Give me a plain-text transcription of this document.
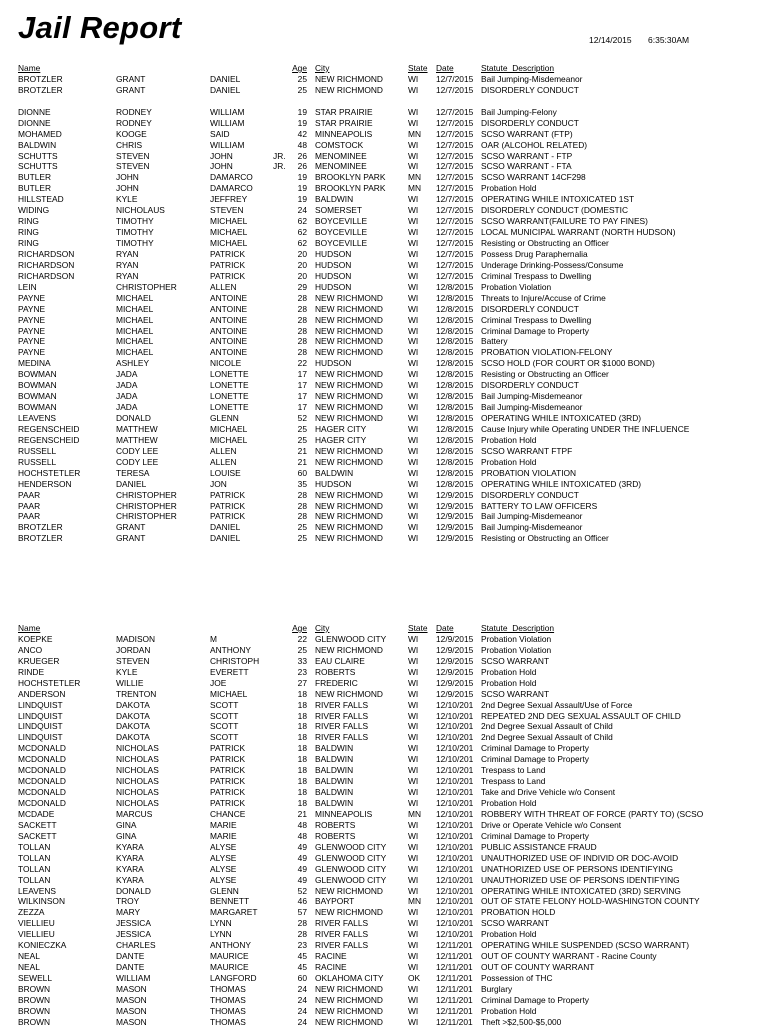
Jail Report	12/14/2015 6:35:30AM
Name	Age City	State Date	Statute_Description
BROTZLER	GRANT	DANIEL	25 NEW RICHMOND	WI 12/7/2015 Bail Jumping-Misdemeanor
BROTZLER	GRANT	DANIEL	25 NEW RICHMOND	WI 12/7/2015 DISORDERLY CONDUCT
DIONNE	RODNEY	WILLIAM	19 STAR PRAIRIE	WI 12/7/2015 Bail Jumping-Felony
DIONNE	RODNEY	WILLIAM	19 STAR PRAIRIE	WI 12/7/2015 DISORDERLY CONDUCT
MOHAMED	KOOGE	SAID	42 MINNEAPOLIS	MN 12/7/2015 SCSO WARRANT (FTP)
BALDWIN	CHRIS	WILLIAM	48 COMSTOCK	WI 12/7/2015 OAR (ALCOHOL RELATED)
SCHUTTS	STEVEN	JOHN	JR.	26 MENOMINEE	WI 12/7/2015 SCSO WARRANT - FTP
SCHUTTS	STEVEN	JOHN	JR.	26 MENOMINEE	WI 12/7/2015 SCSO WARRANT - FTA
BUTLER	JOHN	DAMARCO	19 BROOKLYN PARK	MN 12/7/2015 SCSO WARRANT 14CF298
BUTLER	JOHN	DAMARCO	19 BROOKLYN PARK	MN 12/7/2015 Probation Hold
HILLSTEAD	KYLE	JEFFREY	19 BALDWIN	WI 12/7/2015 OPERATING WHILE INTOXICATED 1ST
WIDING	NICHOLAUS	STEVEN	24 SOMERSET	WI 12/7/2015 DISORDERLY CONDUCT (DOMESTIC
RING	TIMOTHY	MICHAEL	62 BOYCEVILLE	WI 12/7/2015 SCSO WARRANT(FAILURE TO PAY FINES)
RING	TIMOTHY	MICHAEL	62 BOYCEVILLE	WI 12/7/2015 LOCAL MUNICIPAL WARRANT (NORTH HUDSON)
RING	TIMOTHY	MICHAEL	62 BOYCEVILLE	WI 12/7/2015 Resisting or Obstructing an Officer
RICHARDSON	RYAN	PATRICK	20 HUDSON	WI 12/7/2015 Possess Drug Paraphernalia
RICHARDSON	RYAN	PATRICK	20 HUDSON	WI 12/7/2015 Underage Drinking-Possess/Consume
RICHARDSON	RYAN	PATRICK	20 HUDSON	WI 12/7/2015 Criminal Trespass to Dwelling
LEIN	CHRISTOPHER	ALLEN	29 HUDSON	WI 12/8/2015 Probation Violation
PAYNE	MICHAEL	ANTOINE	28 NEW RICHMOND	WI 12/8/2015 Threats to Injure/Accuse of Crime
PAYNE	MICHAEL	ANTOINE	28 NEW RICHMOND	WI 12/8/2015 DISORDERLY CONDUCT
PAYNE	MICHAEL	ANTOINE	28 NEW RICHMOND	WI 12/8/2015 Criminal Trespass to Dwelling
PAYNE	MICHAEL	ANTOINE	28 NEW RICHMOND	WI 12/8/2015 Criminal Damage to Property
PAYNE	MICHAEL	ANTOINE	28 NEW RICHMOND	WI 12/8/2015 Battery
PAYNE	MICHAEL	ANTOINE	28 NEW RICHMOND	WI 12/8/2015 PROBATION VIOLATION-FELONY
MEDINA	ASHLEY	NICOLE	22 HUDSON	WI 12/8/2015 SCSO HOLD (FOR COURT OR $1000 BOND)
BOWMAN	JADA	LONETTE	17 NEW RICHMOND	WI 12/8/2015 Resisting or Obstructing an Officer
BOWMAN	JADA	LONETTE	17 NEW RICHMOND	WI 12/8/2015 DISORDERLY CONDUCT
BOWMAN	JADA	LONETTE	17 NEW RICHMOND	WI 12/8/2015 Bail Jumping-Misdemeanor
BOWMAN	JADA	LONETTE	17 NEW RICHMOND	WI 12/8/2015 Bail Jumping-Misdemeanor
LEAVENS	DONALD	GLENN	52 NEW RICHMOND	WI 12/8/2015 OPERATING WHILE INTOXICATED (3RD)
REGENSCHEID	MATTHEW	MICHAEL	25 HAGER CITY	WI 12/8/2015 Cause Injury while Operating UNDER THE INFLUENCE
REGENSCHEID	MATTHEW	MICHAEL	25 HAGER CITY	WI 12/8/2015 Probation Hold
RUSSELL	CODY LEE	ALLEN	21 NEW RICHMOND	WI 12/8/2015 SCSO WARRANT FTPF
RUSSELL	CODY LEE	ALLEN	21 NEW RICHMOND	WI 12/8/2015 Probation Hold
HOCHSTETLER	TERESA	LOUISE	60 BALDWIN	WI 12/8/2015 PROBATION VIOLATION
HENDERSON	DANIEL	JON	35 HUDSON	WI 12/8/2015 OPERATING WHILE INTOXICATED (3RD)
PAAR	CHRISTOPHER	PATRICK	28 NEW RICHMOND	WI 12/9/2015 DISORDERLY CONDUCT
PAAR	CHRISTOPHER	PATRICK	28 NEW RICHMOND	WI 12/9/2015 BATTERY TO LAW OFFICERS
PAAR	CHRISTOPHER	PATRICK	28 NEW RICHMOND	WI 12/9/2015 Bail Jumping-Misdemeanor
BROTZLER	GRANT	DANIEL	25 NEW RICHMOND	WI 12/9/2015 Bail Jumping-Misdemeanor
BROTZLER	GRANT	DANIEL	25 NEW RICHMOND	WI 12/9/2015 Resisting or Obstructing an Officer
Name	Age City	State Date	Statute_Description
KOEPKE	MADISON	M	22 GLENWOOD CITY	WI 12/9/2015 Probation Violation
ANCO	JORDAN	ANTHONY	25 NEW RICHMOND	WI 12/9/2015 Probation Violation
KRUEGER	STEVEN	CHRISTOPH	33 EAU CLAIRE	WI 12/9/2015 SCSO WARRANT
RINDE	KYLE	EVERETT	23 ROBERTS	WI 12/9/2015 Probation Hold
HOCHSTETLER	WILLIE	JOE	27 FREDERIC	WI 12/9/2015 Probation Hold
ANDERSON	TRENTON	MICHAEL	18 NEW RICHMOND	WI 12/9/2015 SCSO WARRANT
LINDQUIST	DAKOTA	SCOTT	18 RIVER FALLS	WI 12/10/201 2nd Degree Sexual Assault/Use of Force
LINDQUIST	DAKOTA	SCOTT	18 RIVER FALLS	WI 12/10/201 REPEATED 2ND DEG SEXUAL ASSAULT OF CHILD
LINDQUIST	DAKOTA	SCOTT	18 RIVER FALLS	WI 12/10/201 2nd Degree Sexual Assault of Child
LINDQUIST	DAKOTA	SCOTT	18 RIVER FALLS	WI 12/10/201 2nd Degree Sexual Assault of Child
MCDONALD	NICHOLAS	PATRICK	18 BALDWIN	WI 12/10/201 Criminal Damage to Property
MCDONALD	NICHOLAS	PATRICK	18 BALDWIN	WI 12/10/201 Criminal Damage to Property
MCDONALD	NICHOLAS	PATRICK	18 BALDWIN	WI 12/10/201 Trespass to Land
MCDONALD	NICHOLAS	PATRICK	18 BALDWIN	WI 12/10/201 Trespass to Land
MCDONALD	NICHOLAS	PATRICK	18 BALDWIN	WI 12/10/201 Take and Drive Vehicle w/o Consent
MCDONALD	NICHOLAS	PATRICK	18 BALDWIN	WI 12/10/201 Probation Hold
MCDADE	MARCUS	CHANCE	21 MINNEAPOLIS	MN 12/10/201 ROBBERY WITH THREAT OF FORCE (PARTY TO) (SCSO
SACKETT	GINA	MARIE	48 ROBERTS	WI 12/10/201 Drive or Operate Vehicle w/o Consent
SACKETT	GINA	MARIE	48 ROBERTS	WI 12/10/201 Criminal Damage to Property
TOLLAN	KYARA	ALYSE	49 GLENWOOD CITY	WI 12/10/201 PUBLIC ASSISTANCE FRAUD
TOLLAN	KYARA	ALYSE	49 GLENWOOD CITY	WI 12/10/201 UNAUTHORIZED USE OF INDIVID OR DOC-AVOID
TOLLAN	KYARA	ALYSE	49 GLENWOOD CITY	WI 12/10/201 UNATHORIZED USE OF PERSONS IDENTIFYING
TOLLAN	KYARA	ALYSE	49 GLENWOOD CITY	WI 12/10/201 UNAUTHORIZED USE OF PERSONS IDENTIFYING
LEAVENS	DONALD	GLENN	52 NEW RICHMOND	WI 12/10/201 OPERATING WHILE INTOXICATED (3RD) SERVING
WILKINSON	TROY	BENNETT	46 BAYPORT	MN 12/10/201 OUT OF STATE FELONY HOLD-WASHINGTON COUNTY
ZEZZA	MARY	MARGARET	57 NEW RICHMOND	WI 12/10/201 PROBATION HOLD
VIELLIEU	JESSICA	LYNN	28 RIVER FALLS	WI 12/10/201 SCSO WARRANT
VIELLIEU	JESSICA	LYNN	28 RIVER FALLS	WI 12/10/201 Probation Hold
KONIECZKA	CHARLES	ANTHONY	23 RIVER FALLS	WI 12/11/201 OPERATING WHILE SUSPENDED (SCSO WARRANT)
NEAL	DANTE	MAURICE	45 RACINE	WI 12/11/201 OUT OF COUNTY WARRANT - Racine County
NEAL	DANTE	MAURICE	45 RACINE	WI 12/11/201 OUT OF COUNTY WARRANT
SEWELL	WILLIAM	LANGFORD	60 OKLAHOMA CITY	OK 12/11/201 Possession of THC
BROWN	MASON	THOMAS	24 NEW RICHMOND	WI 12/11/201 Burglary
BROWN	MASON	THOMAS	24 NEW RICHMOND	WI 12/11/201 Criminal Damage to Property
BROWN	MASON	THOMAS	24 NEW RICHMOND	WI 12/11/201 Probation Hold
BROWN	MASON	THOMAS	24 NEW RICHMOND	WI 12/11/201 Theft >$2,500-$5,000
